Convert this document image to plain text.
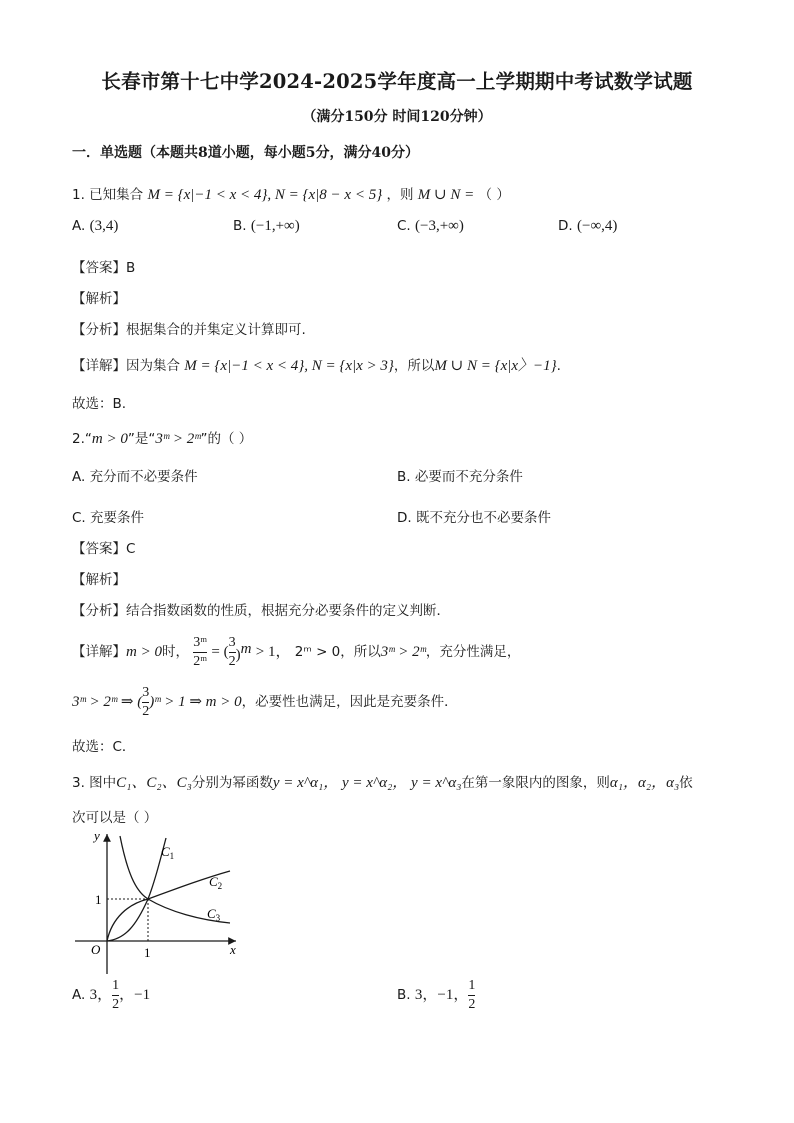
长春市第十七中学2024-2025学年度高一上学期期中考试数学试题
（满分150分 时间120分钟）
一．单选题（本题共8道小题，每小题5分，满分40分）
1. 已知集合 M = {x|−1 < x < 4}, N = {x|8 − x < 5} ，则 M ∪ N = （ ）
A. (3,4)	B. (−1,+∞)	C. (−3,+∞)	D. (−∞,4)
【答案】B
【解析】
【分析】根据集合的并集定义计算即可.
【详解】因为集合 M = {x|−1 < x < 4}, N = {x|x > 3}，所以M ∪ N = {x|x〉−1}.
故选：B.
2.“m > 0”是“3ᵐ > 2ᵐ”的（ ）
A. 充分而不必要条件	B. 必要而不充分条件
C. 充要条件	D. 既不充分也不必要条件
【答案】C
【解析】
【分析】结合指数函数的性质，根据充分必要条件的定义判断．
【详解】m > 0时， $\frac{\text{3ᵐ}}{\text{2ᵐ}}$ = ( $\frac{3}{2} )^m > 1$， 2ᵐ > 0，所以3ᵐ > 2ᵐ，充分性满足，
3ᵐ > 2ᵐ ⇒ ( $\frac{3}{2}$ )ᵐ > 1 ⇒ m > 0，必要性也满足，因此是充要条件．
故选：C．
3. 图中C₁、C₂、C₃分别为幂函数y = x^α₁， y = x^α₂， y = x^α₃在第一象限内的图象，则α₁，α₂，α₃依
次可以是（ ）
y
x
O	1
1
$C_1$
$C_2$
$C_3$
A. 3， $\frac{1}{2}$ ，−1	B. 3，−1， $\frac{1}{2}$
